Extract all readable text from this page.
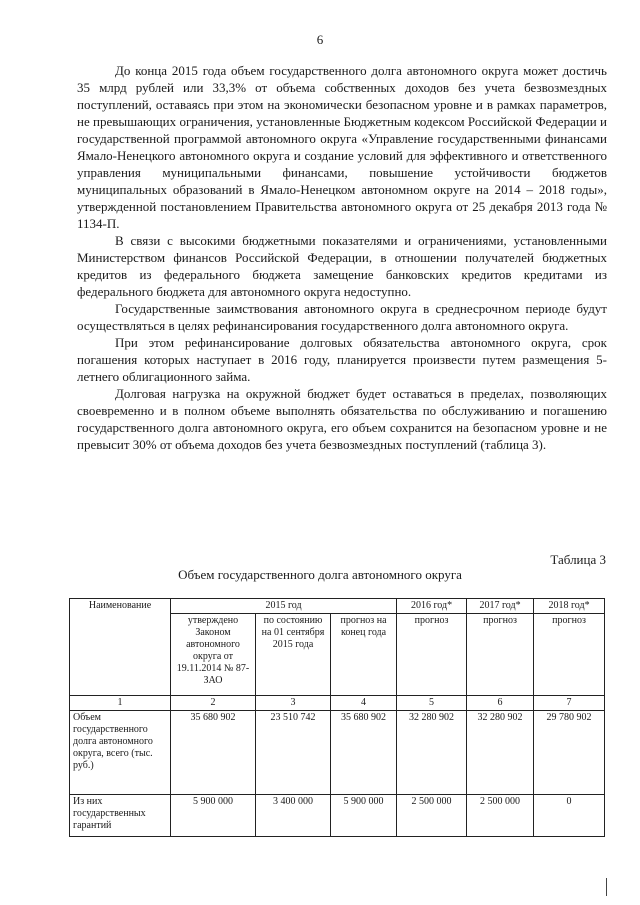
6

До конца 2015 года объем государственного долга автономного округа может достичь 35 млрд рублей или 33,3% от объема собственных доходов без учета безвозмездных поступлений, оставаясь при этом на экономически безопасном уровне и в рамках параметров, не превышающих ограничения, установленные Бюджетным кодексом Российской Федерации и государственной программой автономного округа «Управление государственными финансами Ямало-Ненецкого автономного округа и создание условий для эффективного и ответственного управления муниципальными финансами, повышение устойчивости бюджетов муниципальных образований в Ямало-Ненецком автономном округе на 2014 – 2018 годы», утвержденной постановлением Правительства автономного округа от 25 декабря 2013 года № 1134-П.

В связи с высокими бюджетными показателями и ограничениями, установленными Министерством финансов Российской Федерации, в отношении получателей бюджетных кредитов из федерального бюджета замещение банковских кредитов кредитами из федерального бюджета для автономного округа недоступно.

Государственные заимствования автономного округа в среднесрочном периоде будут осуществляться в целях рефинансирования государственного долга автономного округа.

При этом рефинансирование долговых обязательства автономного округа, срок погашения которых наступает в 2016 году, планируется произвести путем размещения 5-летнего облигационного займа.

Долговая нагрузка на окружной бюджет будет оставаться в пределах, позволяющих своевременно и в полном объеме выполнять обязательства по обслуживанию и погашению государственного долга автономного округа, его объем сохранится на безопасном уровне и не превысит 30% от объема доходов без учета безвозмездных поступлений (таблица 3).

Таблица 3
Объем государственного долга автономного округа
Наименование	2015 год			2016 год*	2017 год*	2018 год*
	утверждено Законом автономного округа от 19.11.2014 № 87-ЗАО	по состоянию на 01 сентября 2015 года	прогноз на конец года	прогноз	прогноз	прогноз
1	2	3	4	5	6	7
Объем государственного долга автономного округа, всего (тыс. руб.)	35 680 902	23 510 742	35 680 902	32 280 902	32 280 902	29 780 902
Из них государственных гарантий	5 900 000	3 400 000	5 900 000	2 500 000	2 500 000	0
